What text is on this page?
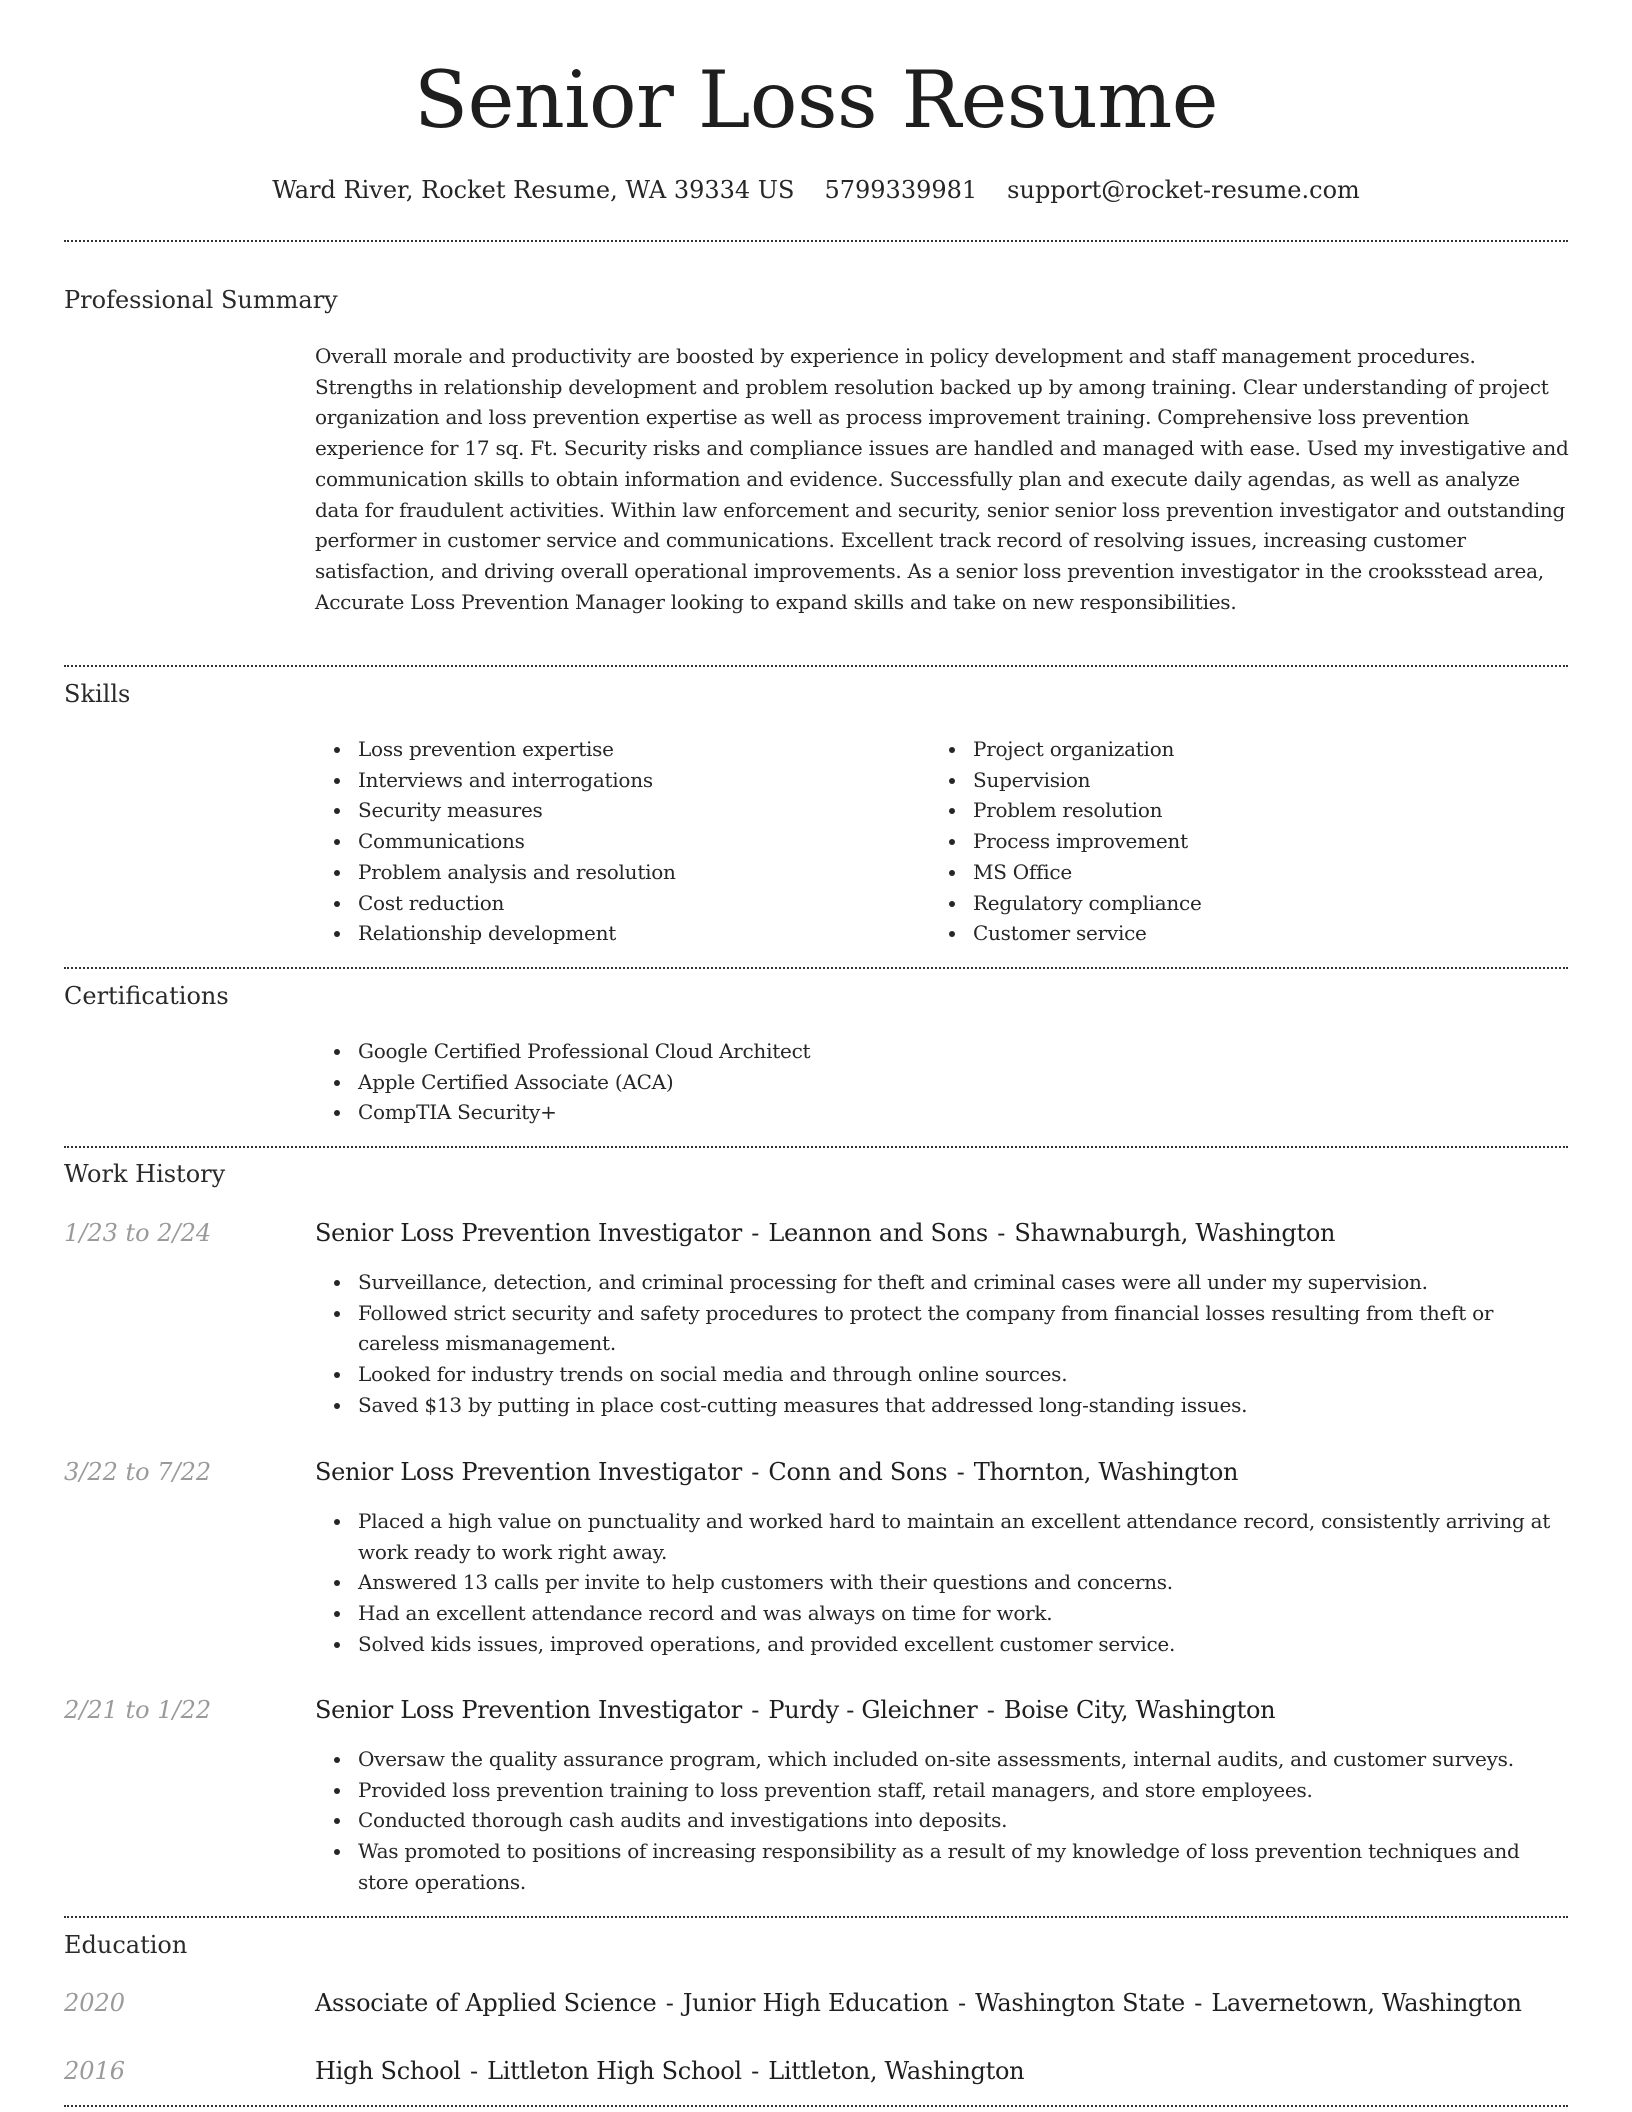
Senior Loss Resume
Ward River, Rocket Resume, WA 39334 US 5799339981 support@rocket-resume.com
Professional Summary

Overall morale and productivity are boosted by experience in policy development and staff management procedures. Strengths in relationship development and problem resolution backed up by among training. Clear understanding of project organization and loss prevention expertise as well as process improvement training. Comprehensive loss prevention experience for 17 sq. Ft. Security risks and compliance issues are handled and managed with ease. Used my investigative and communication skills to obtain information and evidence. Successfully plan and execute daily agendas, as well as analyze data for fraudulent activities. Within law enforcement and security, senior senior loss prevention investigator and outstanding performer in customer service and communications. Excellent track record of resolving issues, increasing customer satisfaction, and driving overall operational improvements. As a senior loss prevention investigator in the crooksstead area, Accurate Loss Prevention Manager looking to expand skills and take on new responsibilities.

Skills
Loss prevention expertise
Interviews and interrogations
Security measures
Communications
Problem analysis and resolution
Cost reduction
Relationship development
Project organization
Supervision
Problem resolution
Process improvement
MS Office
Regulatory compliance
Customer service
Certifications
Google Certified Professional Cloud Architect
Apple Certified Associate (ACA)
CompTIA Security+
Work History
1/23 to 2/24	Senior Loss Prevention Investigator - Leannon and Sons - Shawnaburgh, Washington
Surveillance, detection, and criminal processing for theft and criminal cases were all under my supervision.
Followed strict security and safety procedures to protect the company from financial losses resulting from theft or careless mismanagement.
Looked for industry trends on social media and through online sources.
Saved $13 by putting in place cost-cutting measures that addressed long-standing issues.
3/22 to 7/22	Senior Loss Prevention Investigator - Conn and Sons - Thornton, Washington
Placed a high value on punctuality and worked hard to maintain an excellent attendance record, consistently arriving at work ready to work right away.
Answered 13 calls per invite to help customers with their questions and concerns.
Had an excellent attendance record and was always on time for work.
Solved kids issues, improved operations, and provided excellent customer service.
2/21 to 1/22	Senior Loss Prevention Investigator - Purdy - Gleichner - Boise City, Washington
Oversaw the quality assurance program, which included on-site assessments, internal audits, and customer surveys.
Provided loss prevention training to loss prevention staff, retail managers, and store employees.
Conducted thorough cash audits and investigations into deposits.
Was promoted to positions of increasing responsibility as a result of my knowledge of loss prevention techniques and store operations.
Education
2020	Associate of Applied Science - Junior High Education - Washington State - Lavernetown, Washington
2016	High School - Littleton High School - Littleton, Washington
